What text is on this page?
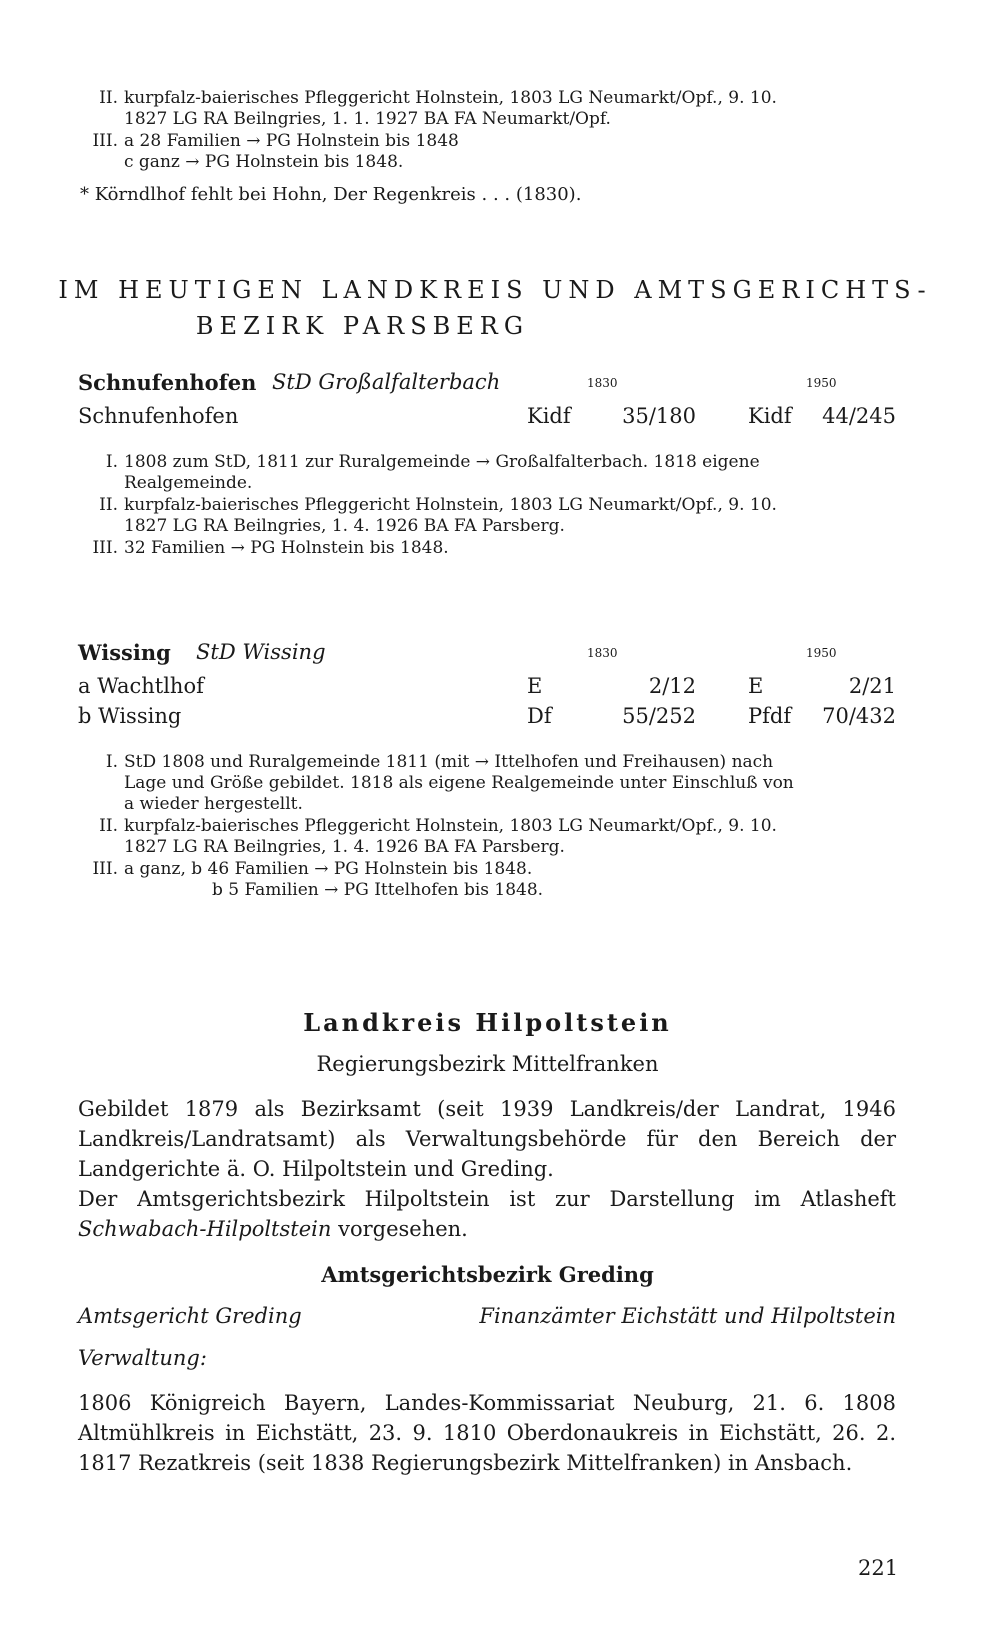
II. kurpfalz-baierisches Pfleggericht Holnstein, 1803 LG Neumarkt/Opf., 9. 10.
1827 LG RA Beilngries, 1. 1. 1927 BA FA Neumarkt/Opf.
III. a 28 Familien → PG Holnstein bis 1848
c ganz → PG Holnstein bis 1848.
* Körndlhof fehlt bei Hohn, Der Regenkreis . . . (1830).
IM HEUTIGEN LANDKREIS UND AMTSGERICHTS-
BEZIRK PARSBERG
Schnufenhofen StD Großalfalterbach	1830	1950
Schnufenhofen	Kidf	35/180 Kidf	44/245
I. 1808 zum StD, 1811 zur Ruralgemeinde → Großalfalterbach. 1818 eigene
Realgemeinde.
II. kurpfalz-baierisches Pfleggericht Holnstein, 1803 LG Neumarkt/Opf., 9. 10.
1827 LG RA Beilngries, 1. 4. 1926 BA FA Parsberg.
III. 32 Familien → PG Holnstein bis 1848.
Wissing StD Wissing	1830	1950
a Wachtlhof	E	2/12 E	2/21
b Wissing	Df	55/252 Pfdf	70/432
I. StD 1808 und Ruralgemeinde 1811 (mit → Ittelhofen und Freihausen) nach
Lage und Größe gebildet. 1818 als eigene Realgemeinde unter Einschluß von
a wieder hergestellt.
II. kurpfalz-baierisches Pfleggericht Holnstein, 1803 LG Neumarkt/Opf., 9. 10.
1827 LG RA Beilngries, 1. 4. 1926 BA FA Parsberg.
III. a ganz, b 46 Familien → PG Holnstein bis 1848.
b 5 Familien → PG Ittelhofen bis 1848.
Landkreis Hilpoltstein
Regierungsbezirk Mittelfranken
Gebildet 1879 als Bezirksamt (seit 1939 Landkreis/der Landrat, 1946 Landkreis/Landratsamt) als Verwaltungsbehörde für den Bereich der Landgerichte ä. O. Hilpoltstein und Greding.
Der Amtsgerichtsbezirk Hilpoltstein ist zur Darstellung im Atlasheft Schwabach-Hilpoltstein vorgesehen.
Amtsgerichtsbezirk Greding
Amtsgericht Greding	Finanzämter Eichstätt und Hilpoltstein
Verwaltung:
1806 Königreich Bayern, Landes-Kommissariat Neuburg, 21. 6. 1808 Altmühlkreis in Eichstätt, 23. 9. 1810 Oberdonaukreis in Eichstätt, 26. 2. 1817 Rezatkreis (seit 1838 Regierungsbezirk Mittelfranken) in Ansbach.
221
